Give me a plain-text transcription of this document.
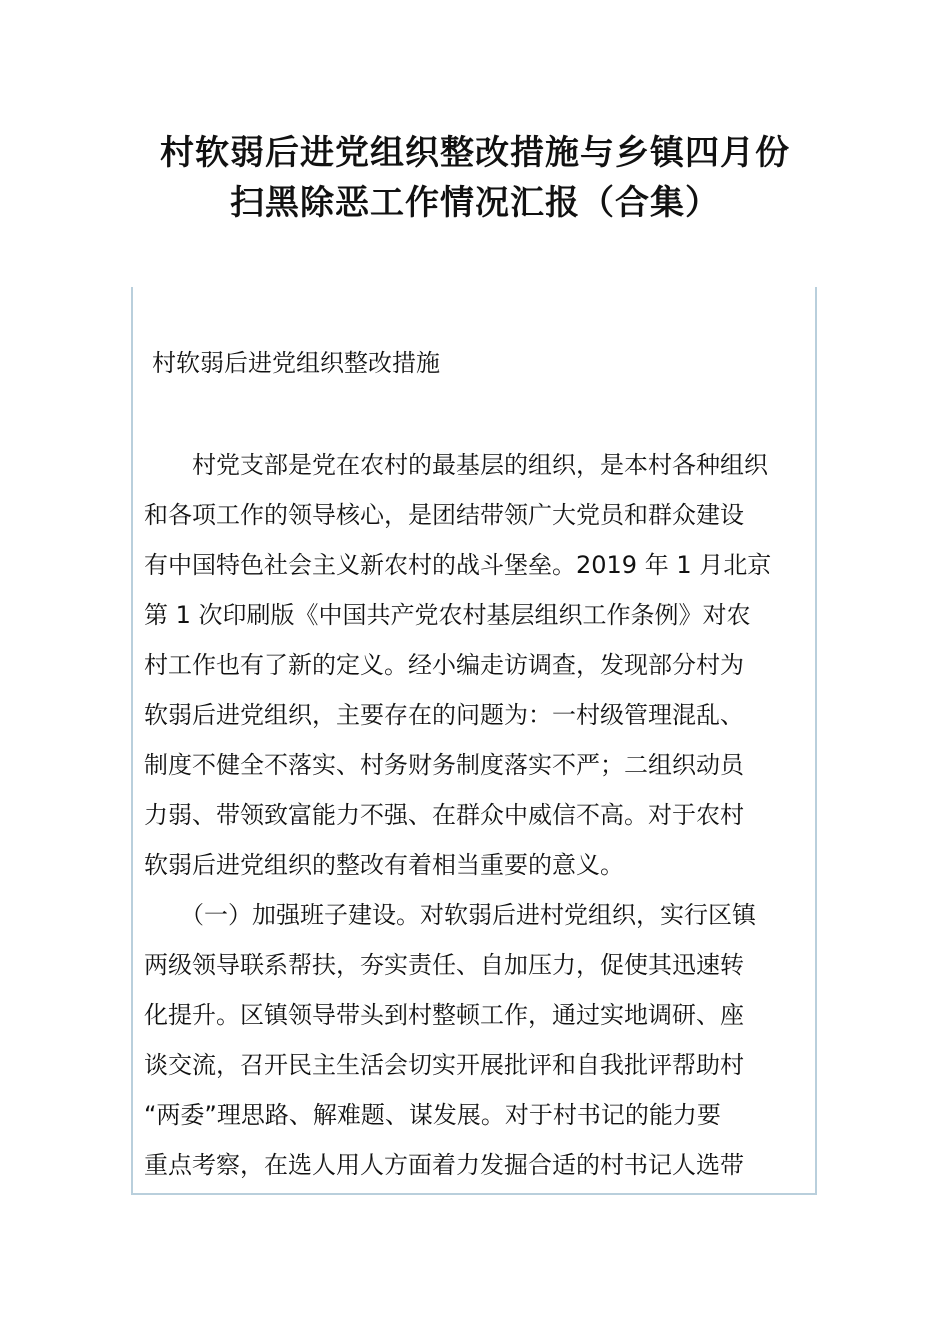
村软弱后进党组织整改措施与乡镇四月份
扫黑除恶工作情况汇报（合集）
村软弱后进党组织整改措施
　　村党支部是党在农村的最基层的组织，是本村各种组织
和各项工作的领导核心，是团结带领广大党员和群众建设
有中国特色社会主义新农村的战斗堡垒。2019 年 1 月北京
第 1 次印刷版《中国共产党农村基层组织工作条例》对农
村工作也有了新的定义。经小编走访调查，发现部分村为
软弱后进党组织，主要存在的问题为：一村级管理混乱、
制度不健全不落实、村务财务制度落实不严；二组织动员
力弱、带领致富能力不强、在群众中威信不高。对于农村
软弱后进党组织的整改有着相当重要的意义。
　　（一）加强班子建设。对软弱后进村党组织，实行区镇
两级领导联系帮扶，夯实责任、自加压力，促使其迅速转
化提升。区镇领导带头到村整顿工作，通过实地调研、座
谈交流，召开民主生活会切实开展批评和自我批评帮助村
“两委”理思路、解难题、谋发展。对于村书记的能力要
重点考察，在选人用人方面着力发掘合适的村书记人选带
